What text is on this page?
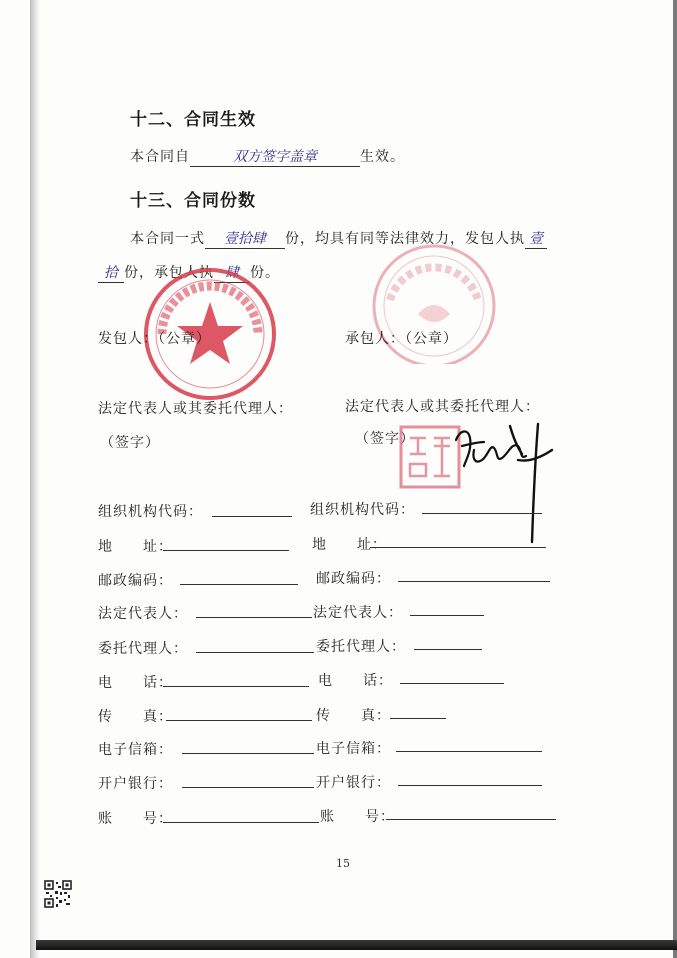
十二、合同生效
本合同自	双方签字盖章	生效。
十三、合同份数
本合同一式 壹拾肆 份，均具有同等法律效力，发包人执 壹
拾 份，承包人执 肆 份。
发包人：（公章）	承包人：（公章）
法定代表人或其委托代理人：	法定代表人或其委托代理人：
（签字）	（签字）
组织机构代码：	组织机构代码：
地　　址：	地　　址：
邮政编码：	邮政编码：
法定代表人：	法定代表人：
委托代理人：	委托代理人：
电　　话：	电　　话：
传　　真：	传　　真：
电子信箱：	电子信箱：
开户银行：	开户银行：
账　　号：	账　　号：
15
